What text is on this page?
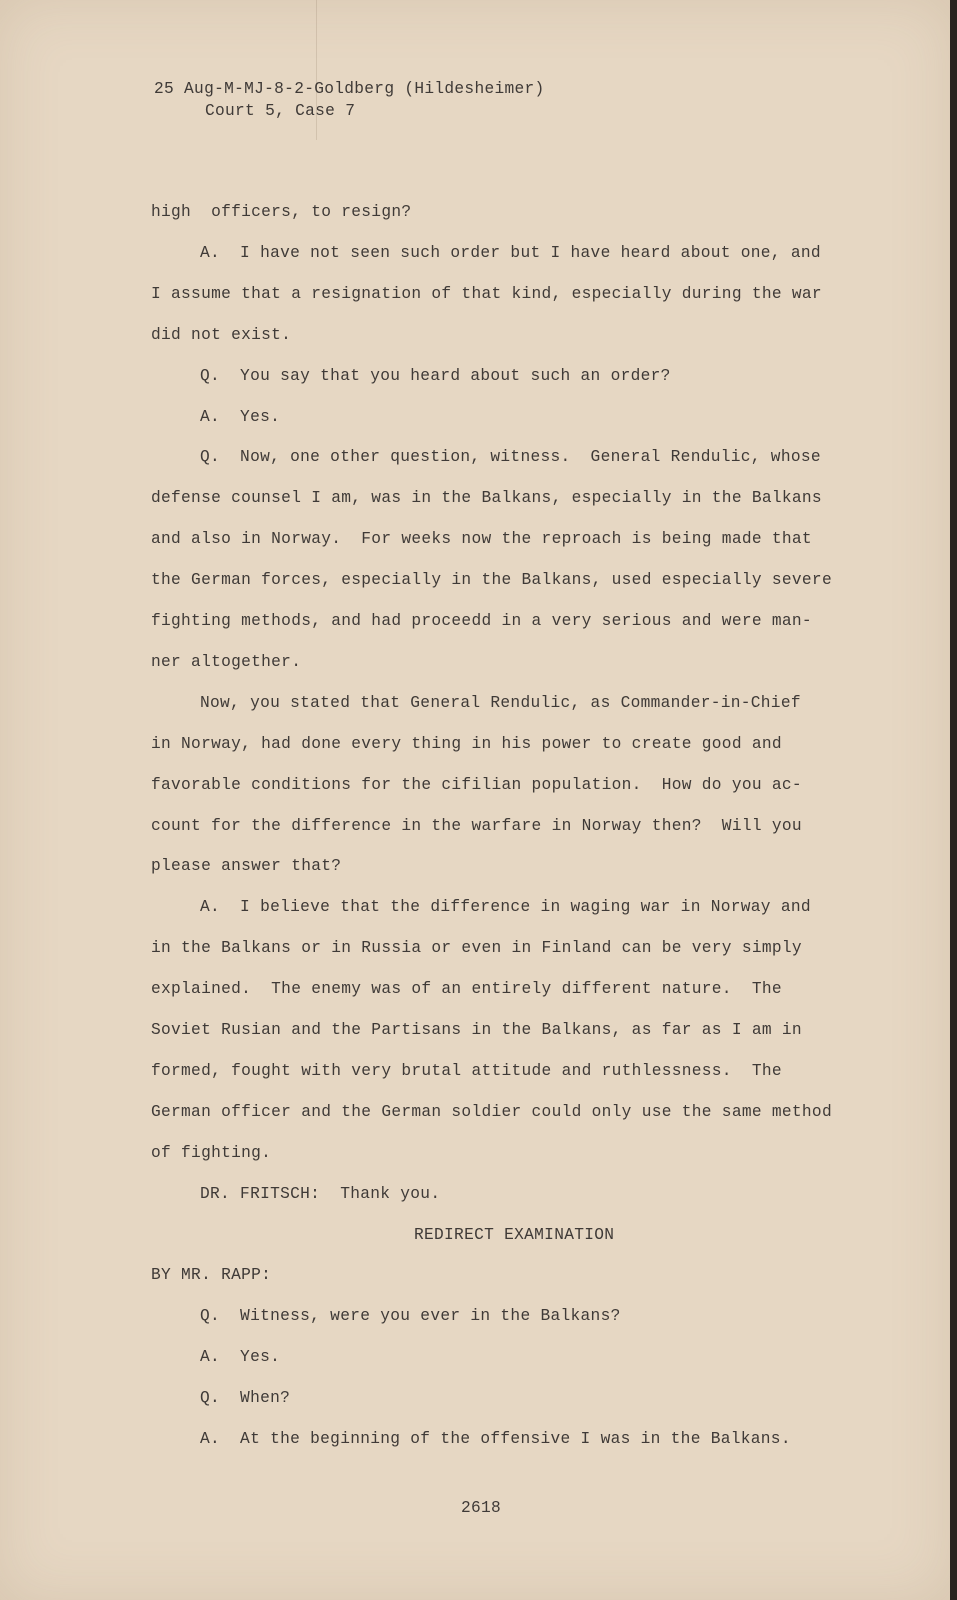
25 Aug-M-MJ-8-2-Goldberg (Hildesheimer)
Court 5, Case 7
high  officers, to resign?
A.  I have not seen such order but I have heard about one, and
I assume that a resignation of that kind, especially during the war
did not exist.
Q.  You say that you heard about such an order?
A.  Yes.
Q.  Now, one other question, witness.  General Rendulic, whose
defense counsel I am, was in the Balkans, especially in the Balkans
and also in Norway.  For weeks now the reproach is being made that
the German forces, especially in the Balkans, used especially severe
fighting methods, and had proceedd in a very serious and were man-
ner altogether.
Now, you stated that General Rendulic, as Commander-in-Chief
in Norway, had done every thing in his power to create good and
favorable conditions for the cifilian population.  How do you ac-
count for the difference in the warfare in Norway then?  Will you
please answer that?
A.  I believe that the difference in waging war in Norway and
in the Balkans or in Russia or even in Finland can be very simply
explained.  The enemy was of an entirely different nature.  The
Soviet Rusian and the Partisans in the Balkans, as far as I am in
formed, fought with very brutal attitude and ruthlessness.  The
German officer and the German soldier could only use the same method
of fighting.
DR. FRITSCH:  Thank you.
REDIRECT EXAMINATION
BY MR. RAPP:
Q.  Witness, were you ever in the Balkans?
A.  Yes.
Q.  When?
A.  At the beginning of the offensive I was in the Balkans.
2618
